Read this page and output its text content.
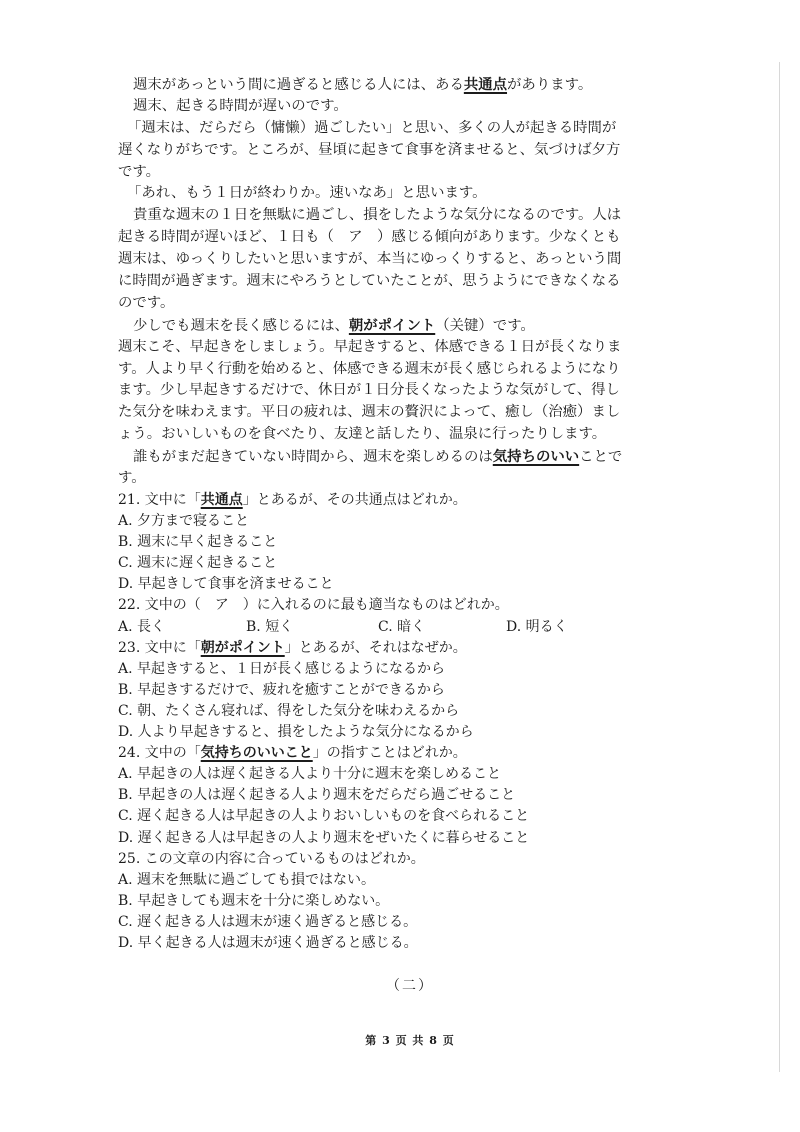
週末があっという間に過ぎると感じる人には、ある共通点があります。
週末、起きる時間が遅いのです。
「週末は、だらだら（慵懒）過ごしたい」と思い、多くの人が起きる時間が
遅くなりがちです。ところが、昼頃に起きて食事を済ませると、気づけば夕方
です。
「あれ、もう１日が終わりか。速いなあ」と思います。
貴重な週末の１日を無駄に過ごし、損をしたような気分になるのです。人は
起きる時間が遅いほど、１日も（　ア　）感じる傾向があります。少なくとも
週末は、ゆっくりしたいと思いますが、本当にゆっくりすると、あっという間
に時間が過ぎます。週末にやろうとしていたことが、思うようにできなくなる
のです。
少しでも週末を長く感じるには、朝がポイント（关键）です。
週末こそ、早起きをしましょう。早起きすると、体感できる１日が長くなりま
す。人より早く行動を始めると、体感できる週末が長く感じられるようになり
ます。少し早起きするだけで、休日が１日分長くなったような気がして、得し
た気分を味わえます。平日の疲れは、週末の贅沢によって、癒し（治癒）まし
ょう。おいしいものを食べたり、友達と話したり、温泉に行ったりします。
誰もがまだ起きていない時間から、週末を楽しめるのは気持ちのいいことで
す。
21. 文中に「共通点」とあるが、その共通点はどれか。
A. 夕方まで寝ること
B. 週末に早く起きること
C. 週末に遅く起きること
D. 早起きして食事を済ませること
22. 文中の（　ア　）に入れるのに最も適当なものはどれか。
A. 長く	B. 短く	C. 暗く	D. 明るく
23. 文中に「朝がポイント」とあるが、それはなぜか。
A. 早起きすると、１日が長く感じるようになるから
B. 早起きするだけで、疲れを癒すことができるから
C. 朝、たくさん寝れば、得をした気分を味わえるから
D. 人より早起きすると、損をしたような気分になるから
24. 文中の「気持ちのいいこと」の指すことはどれか。
A. 早起きの人は遅く起きる人より十分に週末を楽しめること
B. 早起きの人は遅く起きる人より週末をだらだら過ごせること
C. 遅く起きる人は早起きの人よりおいしいものを食べられること
D. 遅く起きる人は早起きの人より週末をぜいたくに暮らせること
25. この文章の内容に合っているものはどれか。
A. 週末を無駄に過ごしても損ではない。
B. 早起きしても週末を十分に楽しめない。
C. 遅く起きる人は週末が速く過ぎると感じる。
D. 早く起きる人は週末が速く過ぎると感じる。
（二）
第 3 页 共 8 页
